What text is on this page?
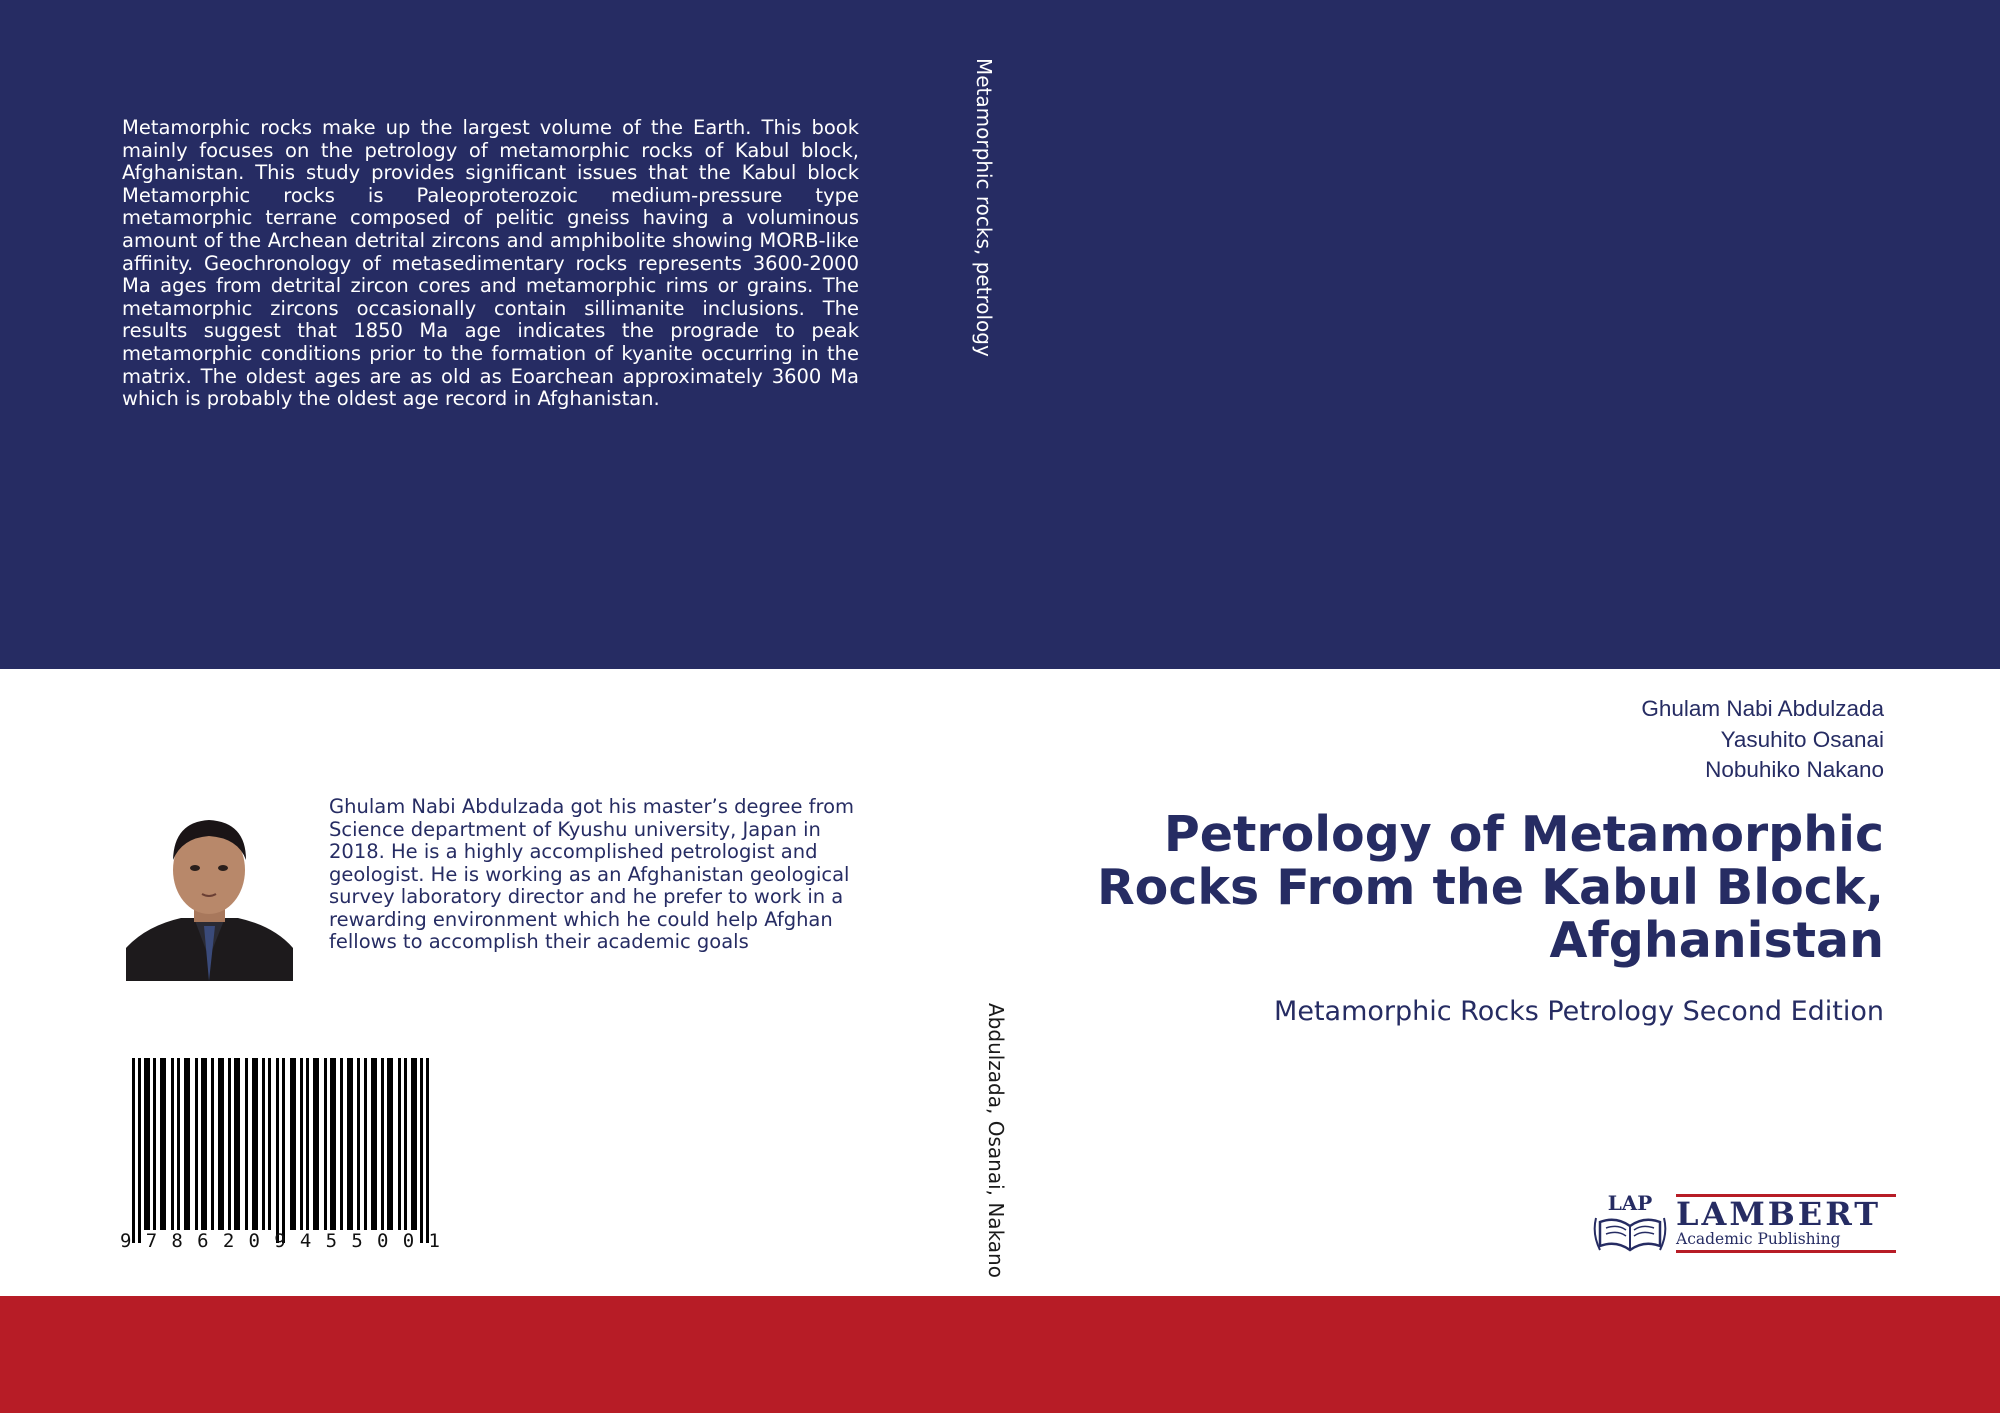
Metamorphic rocks make up the largest volume of the Earth. This book mainly focuses on the petrology of metamorphic rocks of Kabul block, Afghanistan. This study provides significant issues that the Kabul block Metamorphic rocks is Paleoproterozoic medium-pressure type metamorphic terrane composed of pelitic gneiss having a voluminous amount of the Archean detrital zircons and amphibolite showing MORB-like affinity. Geochronology of metasedimentary rocks represents 3600-2000 Ma ages from detrital zircon cores and metamorphic rims or grains. The metamorphic zircons occasionally contain sillimanite inclusions. The results suggest that 1850 Ma age indicates the prograde to peak metamorphic conditions prior to the formation of kyanite occurring in the matrix. The oldest ages are as old as Eoarchean approximately 3600 Ma which is probably the oldest age record in Afghanistan.

Metamorphic rocks, petrology
Abdulzada, Osanai, Nakano

Ghulam Nabi Abdulzada got his master’s degree from Science department of Kyushu university, Japan in 2018. He is a highly accomplished petrologist and geologist. He is working as an Afghanistan geological survey laboratory director and he prefer to work in a rewarding environment which he could help Afghan fellows to accomplish their academic goals

9 7 8 6 2 0 9 4 5 5 0 0 1
Ghulam Nabi Abdulzada
Yasuhito Osanai
Nobuhiko Nakano
Petrology of Metamorphic Rocks From the Kabul Block, Afghanistan
Metamorphic Rocks Petrology Second Edition
LAP LAMBERT
Academic Publishing
